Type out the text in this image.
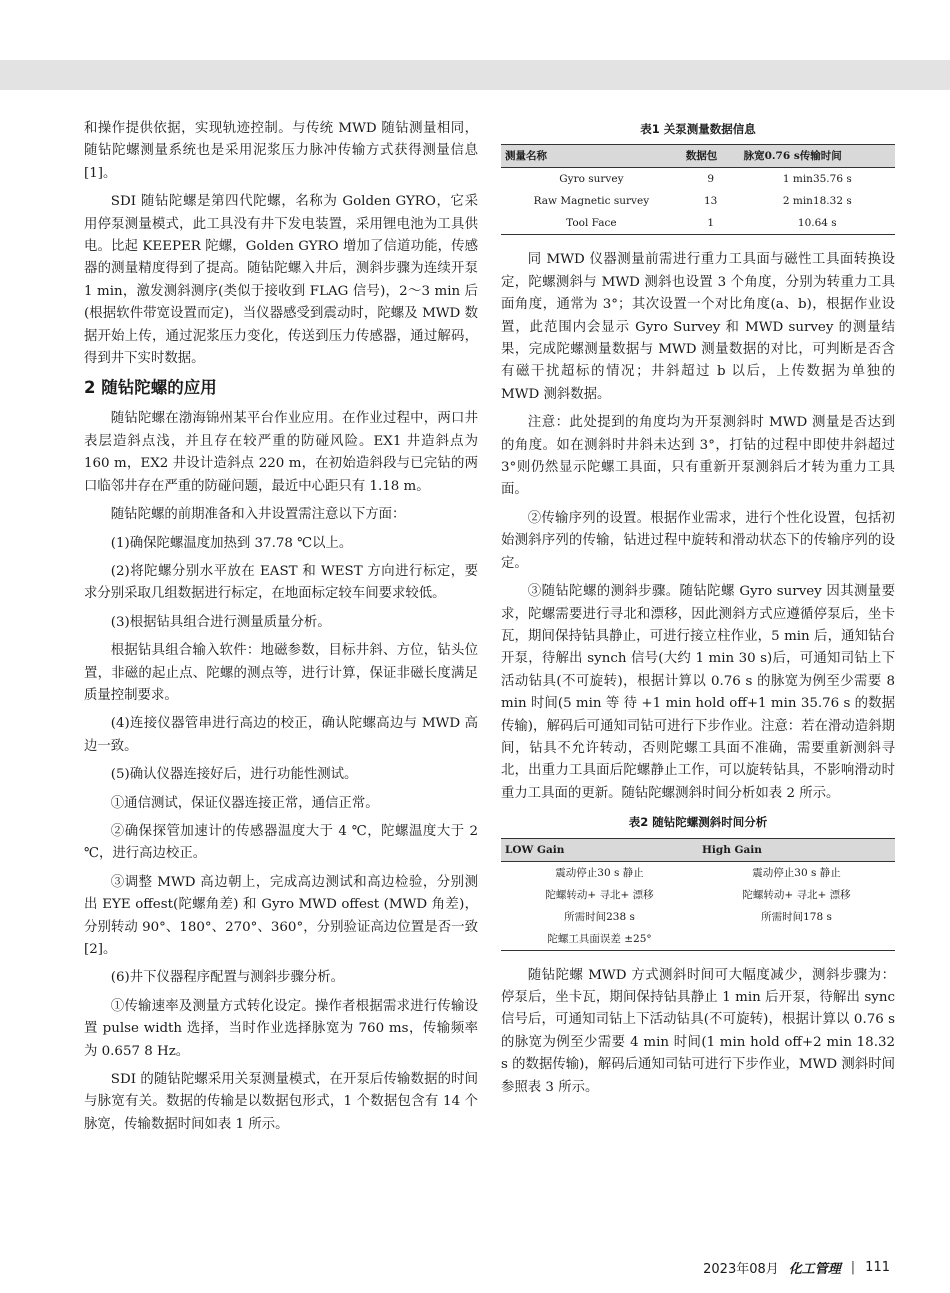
和操作提供依据，实现轨迹控制。与传统 MWD 随钻测量相同，随钻陀螺测量系统也是采用泥浆压力脉冲传输方式获得测量信息[1]。

SDI 随钻陀螺是第四代陀螺，名称为 Golden GYRO，它采用停泵测量模式，此工具没有井下发电装置，采用锂电池为工具供电。比起 KEEPER 陀螺，Golden GYRO 增加了信道功能，传感器的测量精度得到了提高。随钻陀螺入井后，测斜步骤为连续开泵 1 min，激发测斜测序(类似于接收到 FLAG 信号)，2～3 min 后(根据软件带宽设置而定)，当仪器感受到震动时，陀螺及 MWD 数据开始上传，通过泥浆压力变化，传送到压力传感器，通过解码，得到井下实时数据。

2 随钻陀螺的应用

随钻陀螺在渤海锦州某平台作业应用。在作业过程中，两口井表层造斜点浅，并且存在较严重的防碰风险。EX1 井造斜点为 160 m，EX2 井设计造斜点 220 m，在初始造斜段与已完钻的两口临邻井存在严重的防碰问题，最近中心距只有 1.18 m。

随钻陀螺的前期准备和入井设置需注意以下方面：

(1)确保陀螺温度加热到 37.78 ℃以上。

(2)将陀螺分别水平放在 EAST 和 WEST 方向进行标定，要求分别采取几组数据进行标定，在地面标定较车间要求较低。

(3)根据钻具组合进行测量质量分析。

根据钻具组合输入软件：地磁参数，目标井斜、方位，钻头位置，非磁的起止点、陀螺的测点等，进行计算，保证非磁长度满足质量控制要求。

(4)连接仪器管串进行高边的校正，确认陀螺高边与 MWD 高边一致。

(5)确认仪器连接好后，进行功能性测试。

①通信测试，保证仪器连接正常，通信正常。

②确保探管加速计的传感器温度大于 4 ℃，陀螺温度大于 2 ℃，进行高边校正。

③调整 MWD 高边朝上，完成高边测试和高边检验，分别测出 EYE offest(陀螺角差) 和 Gyro MWD offest (MWD 角差)，分别转动 90°、180°、270°、360°，分别验证高边位置是否一致[2]。

(6)井下仪器程序配置与测斜步骤分析。

①传输速率及测量方式转化设定。操作者根据需求进行传输设置 pulse width 选择，当时作业选择脉宽为 760 ms，传输频率为 0.657 8 Hz。

SDI 的随钻陀螺采用关泵测量模式，在开泵后传输数据的时间与脉宽有关。数据的传输是以数据包形式，1 个数据包含有 14 个脉宽，传输数据时间如表 1 所示。

表1 关泵测量数据信息
测量名称	数据包	脉宽0.76 s传输时间
Gyro survey	9	1 min35.76 s
Raw Magnetic survey	13	2 min18.32 s
Tool Face	1	10.64 s

同 MWD 仪器测量前需进行重力工具面与磁性工具面转换设定，陀螺测斜与 MWD 测斜也设置 3 个角度，分别为转重力工具面角度，通常为 3°；其次设置一个对比角度(a、b)，根据作业设置，此范围内会显示 Gyro Survey 和 MWD survey 的测量结果，完成陀螺测量数据与 MWD 测量数据的对比，可判断是否含有磁干扰超标的情况；井斜超过 b 以后，上传数据为单独的 MWD 测斜数据。

注意：此处提到的角度均为开泵测斜时 MWD 测量是否达到的角度。如在测斜时井斜未达到 3°，打钻的过程中即使井斜超过 3°则仍然显示陀螺工具面，只有重新开泵测斜后才转为重力工具面。

②传输序列的设置。根据作业需求，进行个性化设置，包括初始测斜序列的传输，钻进过程中旋转和滑动状态下的传输序列的设定。

③随钻陀螺的测斜步骤。随钻陀螺 Gyro survey 因其测量要求，陀螺需要进行寻北和漂移，因此测斜方式应遵循停泵后，坐卡瓦，期间保持钻具静止，可进行接立柱作业，5 min 后，通知钻台开泵，待解出 synch 信号(大约 1 min 30 s)后，可通知司钻上下活动钻具(不可旋转)，根据计算以 0.76 s 的脉宽为例至少需要 8 min 时间(5 min 等 待 +1 min hold off+1 min 35.76 s 的数据传输)，解码后可通知司钻可进行下步作业。注意：若在滑动造斜期间，钻具不允许转动，否则陀螺工具面不准确，需要重新测斜寻北，出重力工具面后陀螺静止工作，可以旋转钻具，不影响滑动时重力工具面的更新。随钻陀螺测斜时间分析如表 2 所示。

表2 随钻陀螺测斜时间分析
LOW Gain	High Gain
震动停止30 s 静止	震动停止30 s 静止
陀螺转动+ 寻北+ 漂移	陀螺转动+ 寻北+ 漂移
所需时间238 s	所需时间178 s
陀螺工具面误差 ±25°	

随钻陀螺 MWD 方式测斜时间可大幅度减少，测斜步骤为：停泵后，坐卡瓦，期间保持钻具静止 1 min 后开泵，待解出 sync 信号后，可通知司钻上下活动钻具(不可旋转)，根据计算以 0.76 s 的脉宽为例至少需要 4 min 时间(1 min hold off+2 min 18.32 s 的数据传输)，解码后通知司钻可进行下步作业，MWD 测斜时间参照表 3 所示。

2023年08月 化工管理 | 111
